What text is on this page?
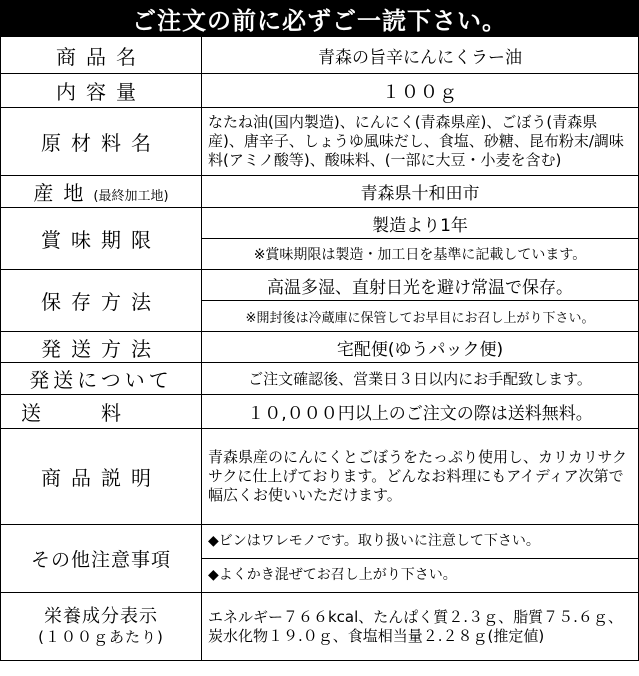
ご注文の前に必ずご一読下さい。
商品名	青森の旨辛にんにくラー油
内容量	１００ｇ
原材料名	なたね油(国内製造)、にんにく(青森県産)、ごぼう(青森県産)、唐辛子、しょうゆ風味だし、食塩、砂糖、昆布粉末/調味料(アミノ酸等)、酸味料、(一部に大豆・小麦を含む)
産地(最終加工地)	青森県十和田市
賞味期限	製造より1年
	※賞味期限は製造・加工日を基準に記載しています。
保存方法	高温多湿、直射日光を避け常温で保存。
	※開封後は冷蔵庫に保管してお早目にお召し上がり下さい。
発送方法	宅配便(ゆうパック便)
発送について	ご注文確認後、営業日３日以内にお手配致します。
送料	１０,０００円以上のご注文の際は送料無料。
商品説明	青森県産のにんにくとごぼうをたっぷり使用し、カリカリサクサクに仕上げております。どんなお料理にもアイディア次第で幅広くお使いいただけます。
その他注意事項	◆ビンはワレモノです。取り扱いに注意して下さい。
	◆よくかき混ぜてお召し上がり下さい。

栄養成分表示
(１００ｇあたり)	エネルギー７６６kcal、たんぱく質２.３ｇ、脂質７５.６ｇ、炭水化物１９.０ｇ、食塩相当量２.２８ｇ(推定値)
